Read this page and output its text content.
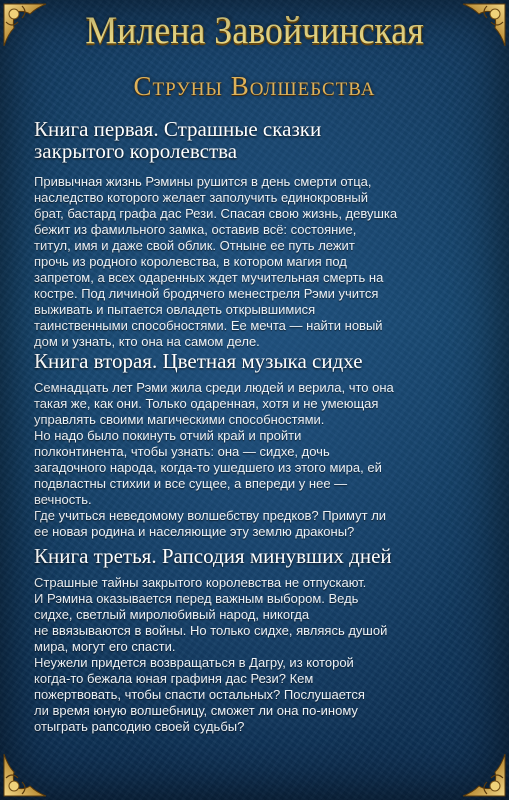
Милена Завойчинская
Струны Волшебства
Книга первая. Страшные сказки
закрытого королевства

Привычная жизнь Рэмины рушится в день смерти отца,
наследство которого желает заполучить единокровный
брат, бастард графа дас Рези. Спасая свою жизнь, девушка
бежит из фамильного замка, оставив всё: состояние,
титул, имя и даже свой облик. Отныне ее путь лежит
прочь из родного королевства, в котором магия под
запретом, а всех одаренных ждет мучительная смерть на
костре. Под личиной бродячего менестреля Рэми учится
выживать и пытается овладеть открывшимися
таинственными способностями. Ее мечта — найти новый
дом и узнать, кто она на самом деле.

Книга вторая. Цветная музыка сидхе

Семнадцать лет Рэми жила среди людей и верила, что она
такая же, как они. Только одаренная, хотя и не умеющая
управлять своими магическими способностями.
Но надо было покинуть отчий край и пройти
полконтинента, чтобы узнать: она — сидхе, дочь
загадочного народа, когда-то ушедшего из этого мира, ей
подвластны стихии и все сущее, а впереди у нее —
вечность.
Где учиться неведомому волшебству предков? Примут ли
ее новая родина и населяющие эту землю драконы?

Книга третья. Рапсодия минувших дней

Страшные тайны закрытого королевства не отпускают.
И Рэмина оказывается перед важным выбором. Ведь
сидхе, светлый миролюбивый народ, никогда
не ввязываются в войны. Но только сидхе, являясь душой
мира, могут его спасти.
Неужели придется возвращаться в Дагру, из которой
когда-то бежала юная графиня дас Рези? Кем
пожертвовать, чтобы спасти остальных? Послушается
ли время юную волшебницу, сможет ли она по-иному
отыграть рапсодию своей судьбы?
